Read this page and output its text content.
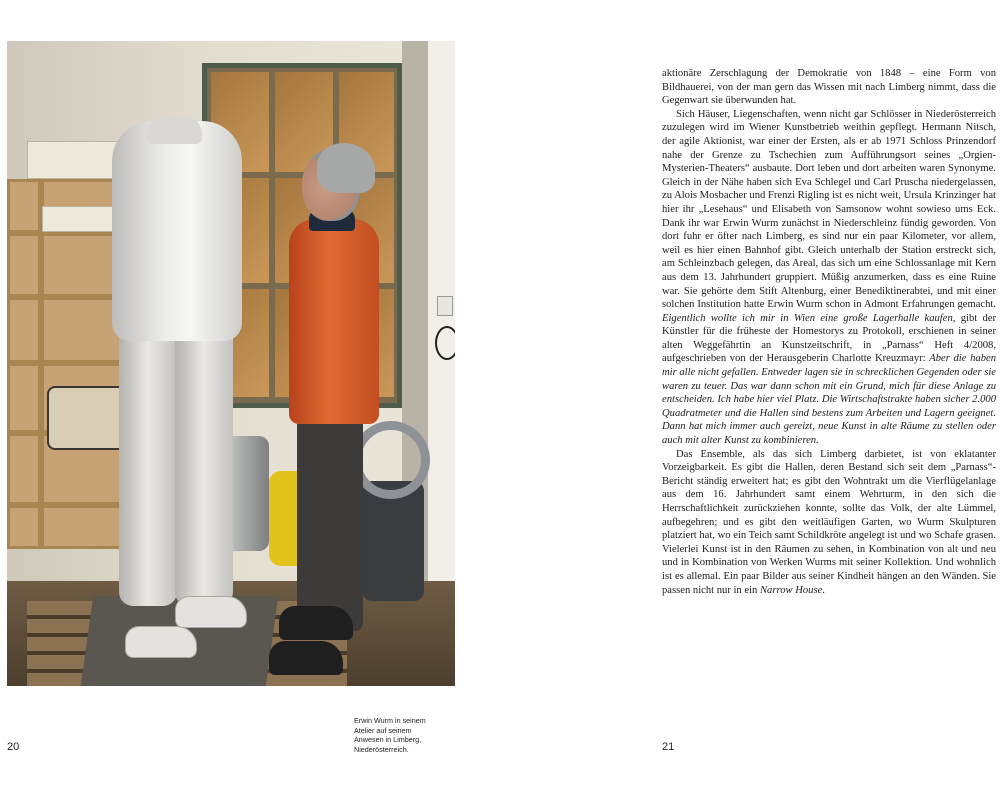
Erwin Wurm in seinem
Atelier auf seinem
Anwesen in Limberg,
Niederösterreich.
20

aktionäre Zerschlagung der Demokratie von 1848 – eine Form von Bildhauerei, von der man gern das Wissen mit nach Limberg nimmt, dass die Gegenwart sie überwunden hat.

Sich Häuser, Liegenschaften, wenn nicht gar Schlösser in Niederösterreich zuzulegen wird im Wiener Kunstbetrieb weithin gepflegt. Hermann Nitsch, der agile Aktionist, war einer der Ersten, als er ab 1971 Schloss Prinzendorf nahe der Grenze zu Tschechien zum Aufführungsort seines „Orgien-Mysterien-Theaters“ ausbaute. Dort leben und dort arbeiten waren Synonyme. Gleich in der Nähe haben sich Eva Schlegel und Carl Pruscha niedergelassen, zu Alois Mosbacher und Frenzi Rigling ist es nicht weit, Ursula Krinzinger hat hier ihr „Lesehaus“ und Elisabeth von Samsonow wohnt sowieso ums Eck. Dank ihr war Erwin Wurm zunächst in Niederschleinz fündig geworden. Von dort fuhr er öfter nach Limberg, es sind nur ein paar Kilometer, vor allem, weil es hier einen Bahnhof gibt. Gleich unterhalb der Station erstreckt sich, am Schleinzbach gelegen, das Areal, das sich um eine Schlossanlage mit Kern aus dem 13. Jahrhundert gruppiert. Müßig anzumerken, dass es eine Ruine war. Sie gehörte dem Stift Altenburg, einer Benediktinerabtei, und mit einer solchen Institution hatte Erwin Wurm schon in Admont Erfahrungen gemacht. Eigentlich wollte ich mir in Wien eine große Lagerhalle kaufen, gibt der Künstler für die früheste der Homestorys zu Protokoll, erschienen in seiner alten Weggefährtin an Kunstzeitschrift, in „Parnass“ Heft 4/2008, aufgeschrieben von der Herausgeberin Charlotte Kreuzmayr: Aber die haben mir alle nicht gefallen. Entweder lagen sie in schrecklichen Gegenden oder sie waren zu teuer. Das war dann schon mit ein Grund, mich für diese Anlage zu entscheiden. Ich habe hier viel Platz. Die Wirtschaftstrakte haben sicher 2.000 Quadratmeter und die Hallen sind bestens zum Arbeiten und Lagern geeignet. Dann hat mich immer auch gereizt, neue Kunst in alte Räume zu stellen oder auch mit alter Kunst zu kombinieren.

Das Ensemble, als das sich Limberg darbietet, ist von eklatanter Vorzeigbarkeit. Es gibt die Hallen, deren Bestand sich seit dem „Parnass“-Bericht ständig erweitert hat; es gibt den Wohntrakt um die Vierflügelanlage aus dem 16. Jahrhundert samt einem Wehrturm, in den sich die Herrschaftlichkeit zurückziehen konnte, sollte das Volk, der alte Lümmel, aufbegehren; und es gibt den weitläufigen Garten, wo Wurm Skulpturen platziert hat, wo ein Teich samt Schildkröte angelegt ist und wo Schafe grasen. Vielerlei Kunst ist in den Räumen zu sehen, in Kombination von alt und neu und in Kombination von Werken Wurms mit seiner Kollektion. Und wohnlich ist es allemal. Ein paar Bilder aus seiner Kindheit hängen an den Wänden. Sie passen nicht nur in ein Narrow House.

21
